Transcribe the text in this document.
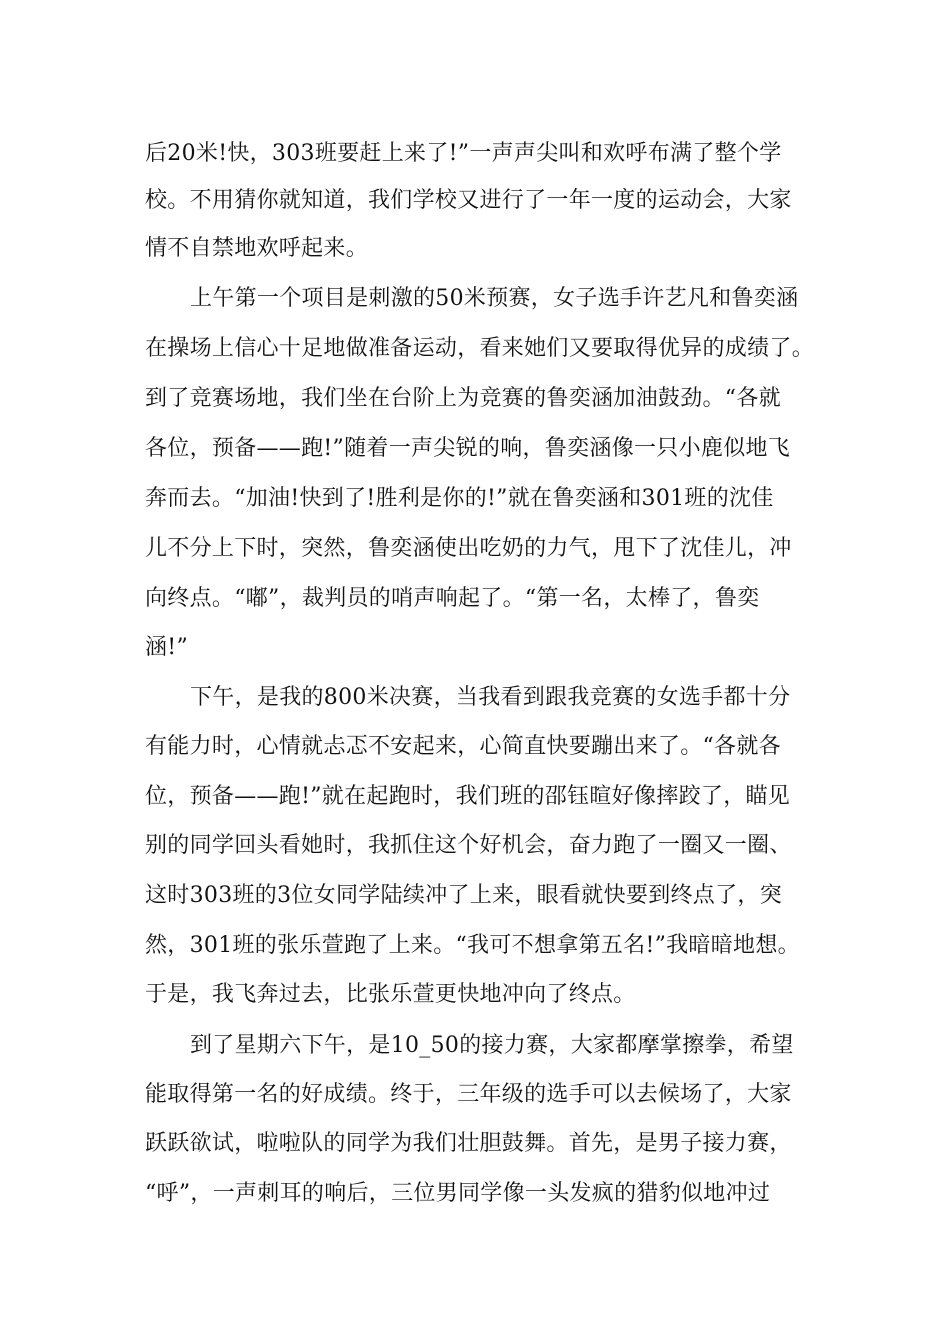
后20米!快，303班要赶上来了!”一声声尖叫和欢呼布满了整个学
校。不用猜你就知道，我们学校又进行了一年一度的运动会，大家
情不自禁地欢呼起来。
上午第一个项目是刺激的50米预赛，女子选手许艺凡和鲁奕涵
在操场上信心十足地做准备运动，看来她们又要取得优异的成绩了。
到了竞赛场地，我们坐在台阶上为竞赛的鲁奕涵加油鼓劲。“各就
各位，预备——跑!”随着一声尖锐的响，鲁奕涵像一只小鹿似地飞
奔而去。“加油!快到了!胜利是你的!”就在鲁奕涵和301班的沈佳
儿不分上下时，突然，鲁奕涵使出吃奶的力气，甩下了沈佳儿，冲
向终点。“嘟”，裁判员的哨声响起了。“第一名，太棒了，鲁奕
涵!”
下午，是我的800米决赛，当我看到跟我竞赛的女选手都十分
有能力时，心情就忐忑不安起来，心简直快要蹦出来了。“各就各
位，预备——跑!”就在起跑时，我们班的邵钰暄好像摔跤了，瞄见
别的同学回头看她时，我抓住这个好机会，奋力跑了一圈又一圈、
这时303班的3位女同学陆续冲了上来，眼看就快要到终点了，突
然，301班的张乐萱跑了上来。“我可不想拿第五名!”我暗暗地想。
于是，我飞奔过去，比张乐萱更快地冲向了终点。
到了星期六下午，是10_50的接力赛，大家都摩掌擦拳，希望
能取得第一名的好成绩。终于，三年级的选手可以去候场了，大家
跃跃欲试，啦啦队的同学为我们壮胆鼓舞。首先，是男子接力赛，
“呼”，一声刺耳的响后，三位男同学像一头发疯的猎豹似地冲过
